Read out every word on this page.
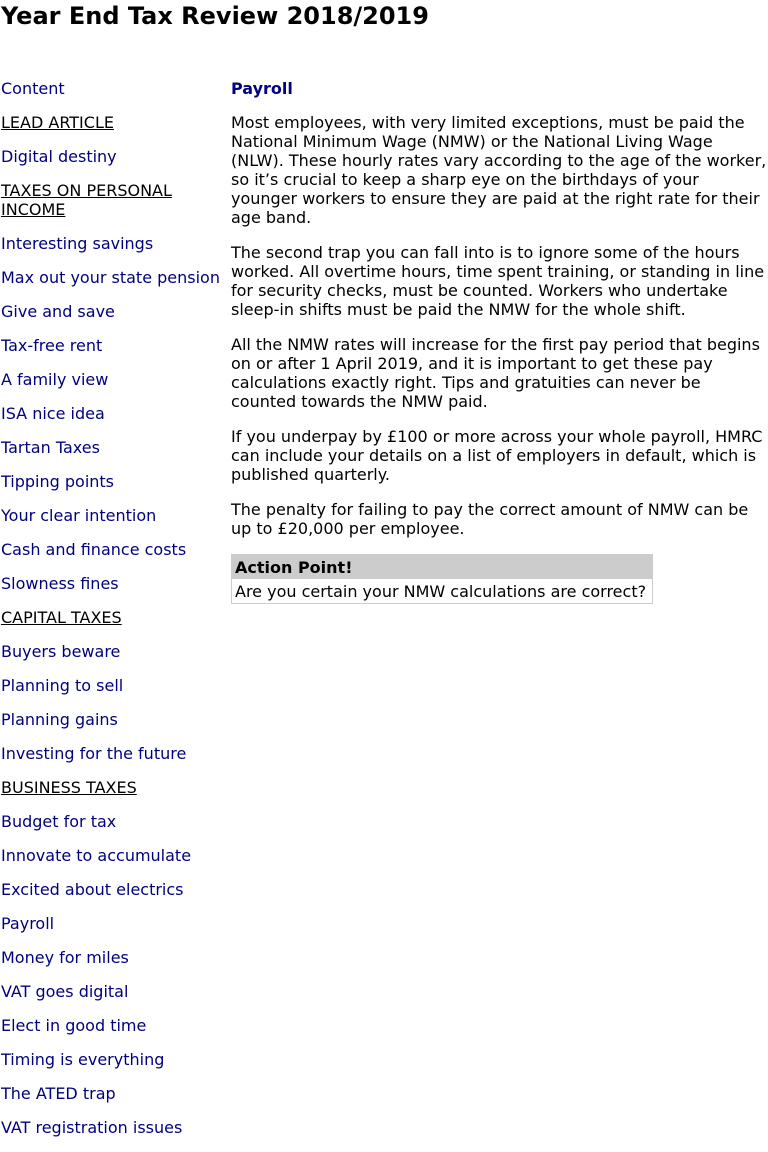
Year End Tax Review 2018/2019
Content
LEAD ARTICLE
Digital destiny
TAXES ON PERSONAL INCOME
Interesting savings
Max out your state pension
Give and save
Tax-free rent
A family view
ISA nice idea
Tartan Taxes
Tipping points
Your clear intention
Cash and finance costs
Slowness fines
CAPITAL TAXES
Buyers beware
Planning to sell
Planning gains
Investing for the future
BUSINESS TAXES
Budget for tax
Innovate to accumulate
Excited about electrics
Payroll
Money for miles
VAT goes digital
Elect in good time
Timing is everything
The ATED trap
VAT registration issues
Payroll

Most employees, with very limited exceptions, must be paid the National Minimum Wage (NMW) or the National Living Wage (NLW). These hourly rates vary according to the age of the worker, so it’s crucial to keep a sharp eye on the birthdays of your younger workers to ensure they are paid at the right rate for their age band.

The second trap you can fall into is to ignore some of the hours worked. All overtime hours, time spent training, or standing in line for security checks, must be counted. Workers who undertake sleep-in shifts must be paid the NMW for the whole shift.

All the NMW rates will increase for the first pay period that begins on or after 1 April 2019, and it is important to get these pay calculations exactly right. Tips and gratuities can never be counted towards the NMW paid.

If you underpay by £100 or more across your whole payroll, HMRC can include your details on a list of employers in default, which is published quarterly.

The penalty for failing to pay the correct amount of NMW can be up to £20,000 per employee.

Action Point!
Are you certain your NMW calculations are correct?
